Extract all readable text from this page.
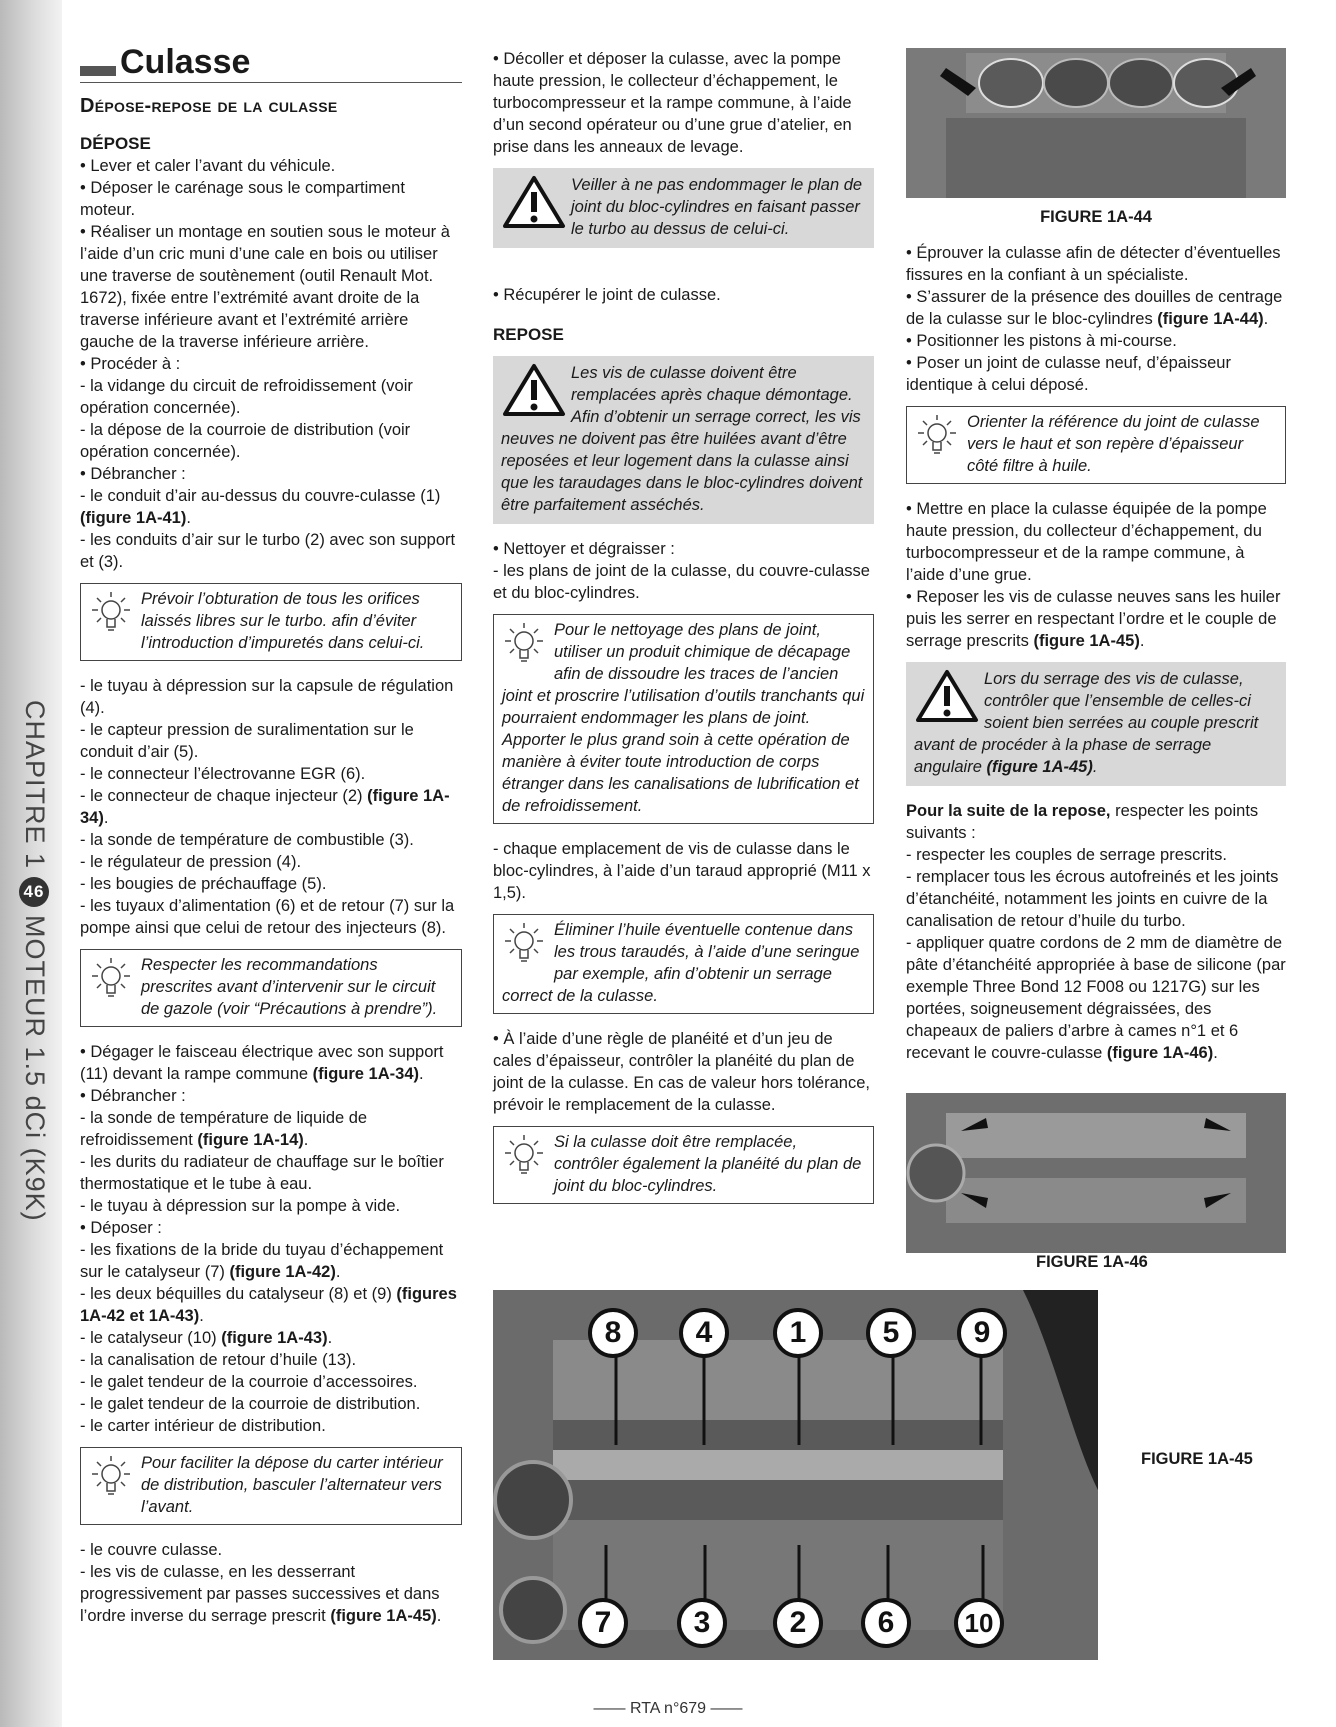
CHAPITRE 1
46
MOTEUR 1.5 dCi (K9K)
Culasse
Dépose-repose de la culasse
DÉPOSE

• Lever et caler l’avant du véhicule.

• Déposer le carénage sous le compartiment moteur.

• Réaliser un montage en soutien sous le moteur à l’aide d’un cric muni d’une cale en bois ou utiliser une traverse de soutènement (outil Renault Mot. 1672), fixée entre l’extrémité avant droite de la traverse inférieure avant et l’extrémité arrière gauche de la traverse inférieure arrière.

• Procéder à :

- la vidange du circuit de refroidissement (voir opération concernée).

- la dépose de la courroie de distribution (voir opération concernée).

• Débrancher :

- le conduit d’air au-dessus du couvre-culasse (1) (figure 1A-41).

- les conduits d’air sur le turbo (2) avec son support et (3).

Prévoir l’obturation de tous les orifices laissés libres sur le turbo. afin d’éviter l’introduction d’impuretés dans celui-ci.

- le tuyau à dépression sur la capsule de régulation (4).

- le capteur pression de suralimentation sur le conduit d’air (5).

- le connecteur l’électrovanne EGR (6).

- le connecteur de chaque injecteur (2) (figure 1A-34).

- la sonde de température de combustible (3).

- le régulateur de pression (4).

- les bougies de préchauffage (5).

- les tuyaux d’alimentation (6) et de retour (7) sur la pompe ainsi que celui de retour des injecteurs (8).

Respecter les recommandations prescrites avant d’intervenir sur le circuit de gazole (voir “Précautions à prendre”).

• Dégager le faisceau électrique avec son support (11) devant la rampe commune (figure 1A-34).

• Débrancher :

- la sonde de température de liquide de refroidissement (figure 1A-14).

- les durits du radiateur de chauffage sur le boîtier thermostatique et le tube à eau.

- le tuyau à dépression sur la pompe à vide.

• Déposer :

- les fixations de la bride du tuyau d’échappement sur le catalyseur (7) (figure 1A-42).

- les deux béquilles du catalyseur (8) et (9) (figures 1A-42 et 1A-43).

- le catalyseur (10) (figure 1A-43).

- la canalisation de retour d’huile (13).

- le galet tendeur de la courroie d’accessoires.

- le galet tendeur de la courroie de distribution.

- le carter intérieur de distribution.

Pour faciliter la dépose du carter intérieur de distribution, basculer l’alternateur vers l’avant.

- le couvre culasse.

- les vis de culasse, en les desserrant progressivement par passes successives et dans l’ordre inverse du serrage prescrit (figure 1A-45).

• Décoller et déposer la culasse, avec la pompe haute pression, le collecteur d’échappement, le turbocompresseur et la rampe commune, à l’aide d’un second opérateur ou d’une grue d’atelier, en prise dans les anneaux de levage.

Veiller à ne pas endommager le plan de joint du bloc-cylindres en faisant passer le turbo au dessus de celui-ci.

• Récupérer le joint de culasse.

REPOSE
Les vis de culasse doivent être remplacées après chaque démontage.
Afin d’obtenir un serrage correct, les vis neuves ne doivent pas être huilées avant d’être reposées et leur logement dans la culasse ainsi que les taraudages dans le bloc-cylindres doivent être parfaitement asséchés.

• Nettoyer et dégraisser :

- les plans de joint de la culasse, du couvre-culasse et du bloc-cylindres.

Pour le nettoyage des plans de joint, utiliser un produit chimique de décapage afin de dissoudre les traces de l’ancien joint et proscrire l’utilisation d’outils tranchants qui pourraient endommager les plans de joint. Apporter le plus grand soin à cette opération de manière à éviter toute introduction de corps étranger dans les canalisations de lubrification et de refroidissement.

- chaque emplacement de vis de culasse dans le bloc-cylindres, à l’aide d’un taraud approprié (M11 x 1,5).

Éliminer l’huile éventuelle contenue dans les trous taraudés, à l’aide d’une seringue par exemple, afin d’obtenir un serrage correct de la culasse.

• À l’aide d’une règle de planéité et d’un jeu de cales d’épaisseur, contrôler la planéité du plan de joint de la culasse. En cas de valeur hors tolérance, prévoir le remplacement de la culasse.

Si la culasse doit être remplacée, contrôler également la planéité du plan de joint du bloc-cylindres.
FIGURE 1A-44

• Éprouver la culasse afin de détecter d’éventuelles fissures en la confiant à un spécialiste.

• S’assurer de la présence des douilles de centrage de la culasse sur le bloc-cylindres (figure 1A-44).

• Positionner les pistons à mi-course.

• Poser un joint de culasse neuf, d’épaisseur identique à celui déposé.

Orienter la référence du joint de culasse vers le haut et son repère d’épaisseur côté filtre à huile.

• Mettre en place la culasse équipée de la pompe haute pression, du collecteur d’échappement, du turbocompresseur et de la rampe commune, à l’aide d’une grue.

• Reposer les vis de culasse neuves sans les huiler puis les serrer en respectant l’ordre et le couple de serrage prescrits (figure 1A-45).

Lors du serrage des vis de culasse, contrôler que l’ensemble de celles-ci soient bien serrées au couple prescrit avant de procéder à la phase de serrage angulaire (figure 1A-45).

Pour la suite de la repose, respecter les points suivants :

- respecter les couples de serrage prescrits.

- remplacer tous les écrous autofreinés et les joints d’étanchéité, notamment les joints en cuivre de la canalisation de retour d’huile du turbo.

- appliquer quatre cordons de 2 mm de diamètre de pâte d’étanchéité appropriée à base de silicone (par exemple Three Bond 12 F008 ou 1217G) sur les portées, soigneusement dégraissées, des chapeaux de paliers d’arbre à cames n°1 et 6 recevant le couvre-culasse (figure 1A-46).

FIGURE 1A-46
8	4	1	5	9
7	3	2	6	10
FIGURE 1A-45
—— RTA n°679 ——
